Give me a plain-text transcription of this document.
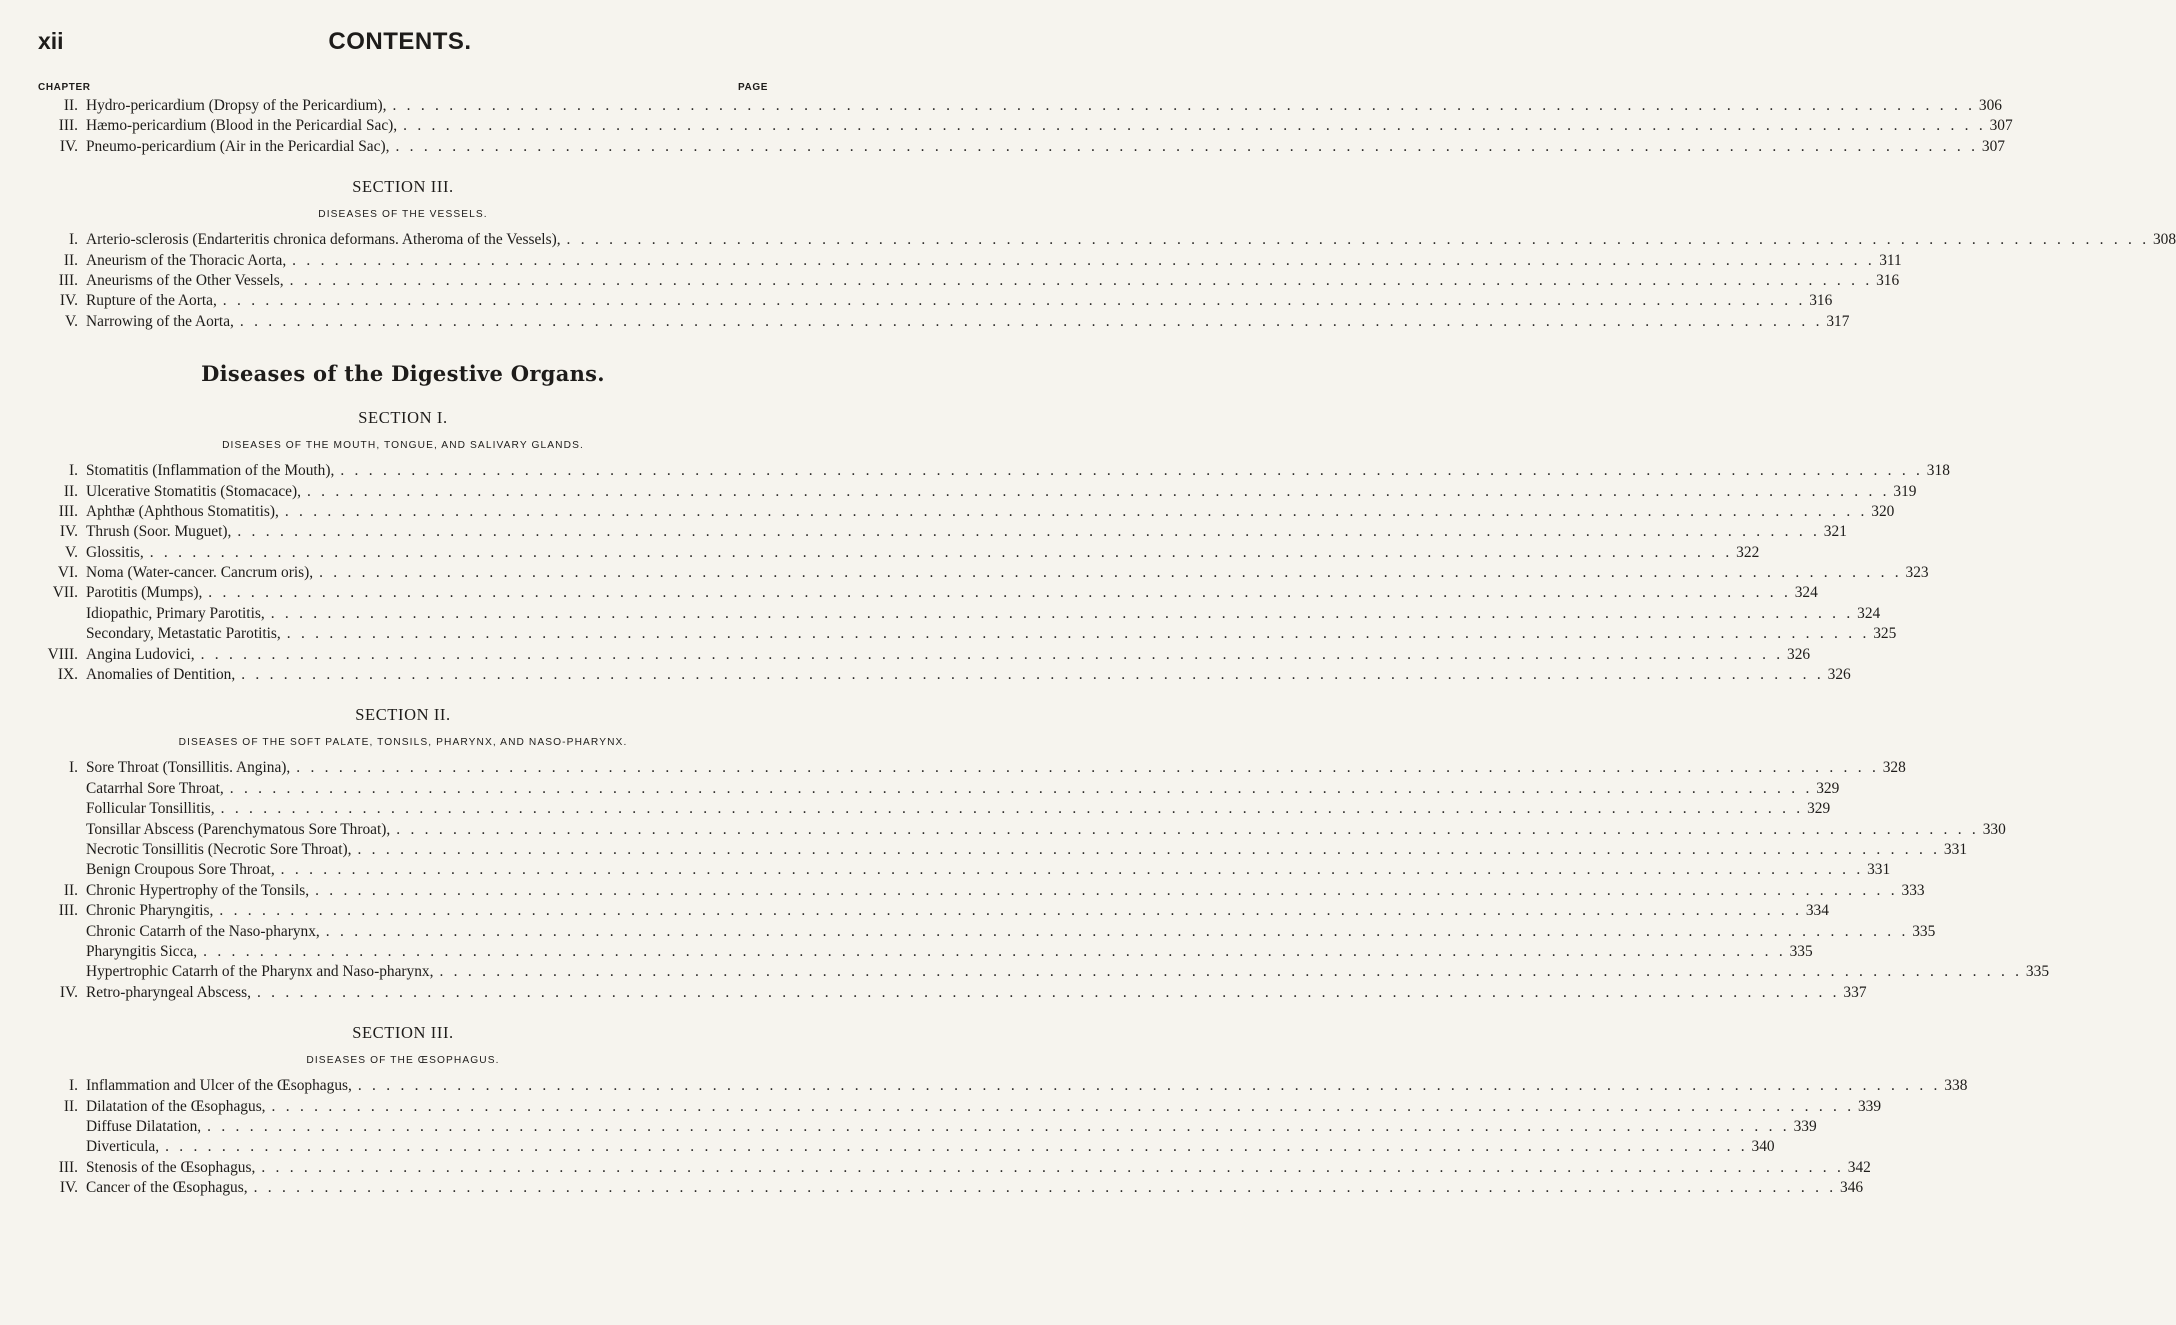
xii	CONTENTS.
CHAPTER	PAGE
II. Hydro-pericardium (Dropsy of the Pericardium), . . .	306
III. Hæmo-pericardium (Blood in the Pericardial Sac), . . .	307
IV. Pneumo-pericardium (Air in the Pericardial Sac), . . .	307
SECTION III.
DISEASES OF THE VESSELS.
I. Arterio-sclerosis (Endarteritis chronica deformans. Atheroma of the Vessels), . . .	308
II. Aneurism of the Thoracic Aorta, . . .	311
III. Aneurisms of the Other Vessels, . . .	316
IV. Rupture of the Aorta, . . .	316
V. Narrowing of the Aorta, . . .	317
Diseases of the Digestive Organs.
SECTION I.
DISEASES OF THE MOUTH, TONGUE, AND SALIVARY GLANDS.
I. Stomatitis (Inflammation of the Mouth), . . .	318
II. Ulcerative Stomatitis (Stomacace), . . .	319
III. Aphthæ (Aphthous Stomatitis), . . .	320
IV. Thrush (Soor. Muguet), . . .	321
V. Glossitis, . . .	322
VI. Noma (Water-cancer. Cancrum oris), . . .	323
VII. Parotitis (Mumps), . . .	324
Idiopathic, Primary Parotitis, . . .	324
Secondary, Metastatic Parotitis, . . .	325
VIII. Angina Ludovici, . . .	326
IX. Anomalies of Dentition, . . .	326
SECTION II.
DISEASES OF THE SOFT PALATE, TONSILS, PHARYNX, AND NASO-PHARYNX.
I. Sore Throat (Tonsillitis. Angina), . . .	328
Catarrhal Sore Throat, . . .	329
Follicular Tonsillitis, . . .	329
Tonsillar Abscess (Parenchymatous Sore Throat), . . .	330
Necrotic Tonsillitis (Necrotic Sore Throat), . . .	331
Benign Croupous Sore Throat, . . .	331
II. Chronic Hypertrophy of the Tonsils, . . .	333
III. Chronic Pharyngitis, . . .	334
Chronic Catarrh of the Naso-pharynx, . . .	335
Pharyngitis Sicca, . . .	335
Hypertrophic Catarrh of the Pharynx and Naso-pharynx, . . .	335
IV. Retro-pharyngeal Abscess, . . .	337
SECTION III.
DISEASES OF THE ŒSOPHAGUS.
I. Inflammation and Ulcer of the Œsophagus, . . .	338
II. Dilatation of the Œsophagus, . . .	339
Diffuse Dilatation, . . .	339
Diverticula, . . .	340
III. Stenosis of the Œsophagus, . . .	342
IV. Cancer of the Œsophagus, . . .	346
